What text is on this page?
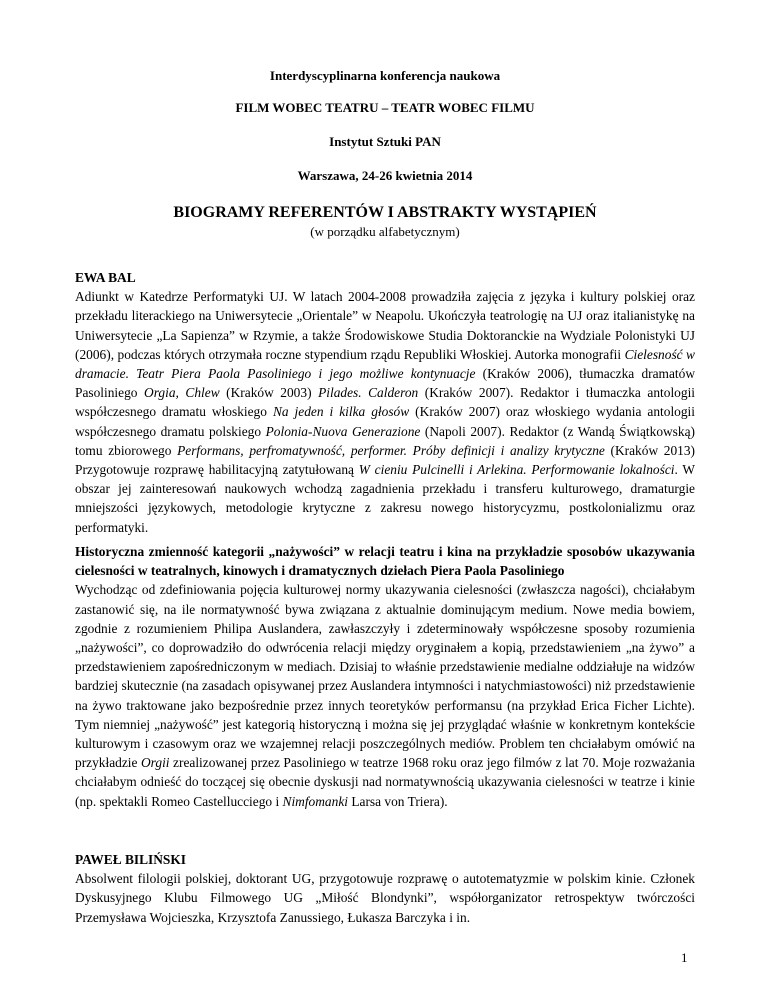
Interdyscyplinarna konferencja naukowa
FILM WOBEC TEATRU – TEATR WOBEC FILMU
Instytut Sztuki PAN
Warszawa, 24-26 kwietnia 2014
BIOGRAMY REFERENTÓW I ABSTRAKTY WYSTĄPIEŃ
(w porządku alfabetycznym)
EWA BAL
Adiunkt w Katedrze Performatyki UJ. W latach 2004-2008 prowadziła zajęcia z języka i kultury polskiej oraz przekładu literackiego na Uniwersytecie „Orientale” w Neapolu. Ukończyła teatrologię na UJ oraz italianistykę na Uniwersytecie „La Sapienza” w Rzymie, a także Środowiskowe Studia Doktoranckie na Wydziale Polonistyki UJ (2006), podczas których otrzymała roczne stypendium rządu Republiki Włoskiej. Autorka monografii Cielesność w dramacie. Teatr Piera Paola Pasoliniego i jego możliwe kontynuacje (Kraków 2006), tłumaczka dramatów Pasoliniego Orgia, Chlew (Kraków 2003) Pilades. Calderon (Kraków 2007). Redaktor i tłumaczka antologii współczesnego dramatu włoskiego Na jeden i kilka głosów (Kraków 2007) oraz włoskiego wydania antologii współczesnego dramatu polskiego Polonia-Nuova Generazione (Napoli 2007). Redaktor (z Wandą Świątkowską) tomu zbiorowego Performans, perfromatywność, performer. Próby definicji i analizy krytyczne (Kraków 2013) Przygotowuje rozprawę habilitacyjną zatytułowaną W cieniu Pulcinelli i Arlekina. Performowanie lokalności. W obszar jej zainteresowań naukowych wchodzą zagadnienia przekładu i transferu kulturowego, dramaturgie mniejszości językowych, metodologie krytyczne z zakresu nowego historycyzmu, postkolonializmu oraz performatyki.
Historyczna zmienność kategorii „nażywości” w relacji teatru i kina na przykładzie sposobów ukazywania cielesności w teatralnych, kinowych i dramatycznych dziełach Piera Paola Pasoliniego
Wychodząc od zdefiniowania pojęcia kulturowej normy ukazywania cielesności (zwłaszcza nagości), chciałabym zastanowić się, na ile normatywność bywa związana z aktualnie dominującym medium. Nowe media bowiem, zgodnie z rozumieniem Philipa Auslandera, zawłaszczyły i zdeterminowały współczesne sposoby rozumienia „nażywości”, co doprowadziło do odwrócenia relacji między oryginałem a kopią, przedstawieniem „na żywo” a przedstawieniem zapośredniczonym w mediach. Dzisiaj to właśnie przedstawienie medialne oddziałuje na widzów bardziej skutecznie (na zasadach opisywanej przez Auslandera intymności i natychmiastowości) niż przedstawienie na żywo traktowane jako bezpośrednie przez innych teoretyków performansu (na przykład Erica Ficher Lichte). Tym niemniej „nażywość” jest kategorią historyczną i można się jej przyglądać właśnie w konkretnym kontekście kulturowym i czasowym oraz we wzajemnej relacji poszczególnych mediów. Problem ten chciałabym omówić na przykładzie Orgii zrealizowanej przez Pasoliniego w teatrze 1968 roku oraz jego filmów z lat 70. Moje rozważania chciałabym odnieść do toczącej się obecnie dyskusji nad normatywnością ukazywania cielesności w teatrze i kinie (np. spektakli Romeo Castellucciego i Nimfomanki Larsa von Triera).
PAWEŁ BILIŃSKI
Absolwent filologii polskiej, doktorant UG, przygotowuje rozprawę o autotematyzmie w polskim kinie. Członek Dyskusyjnego Klubu Filmowego UG „Miłość Blondynki”, współorganizator retrospektyw twórczości Przemysława Wojcieszka, Krzysztofa Zanussiego, Łukasza Barczyka i in.
1
